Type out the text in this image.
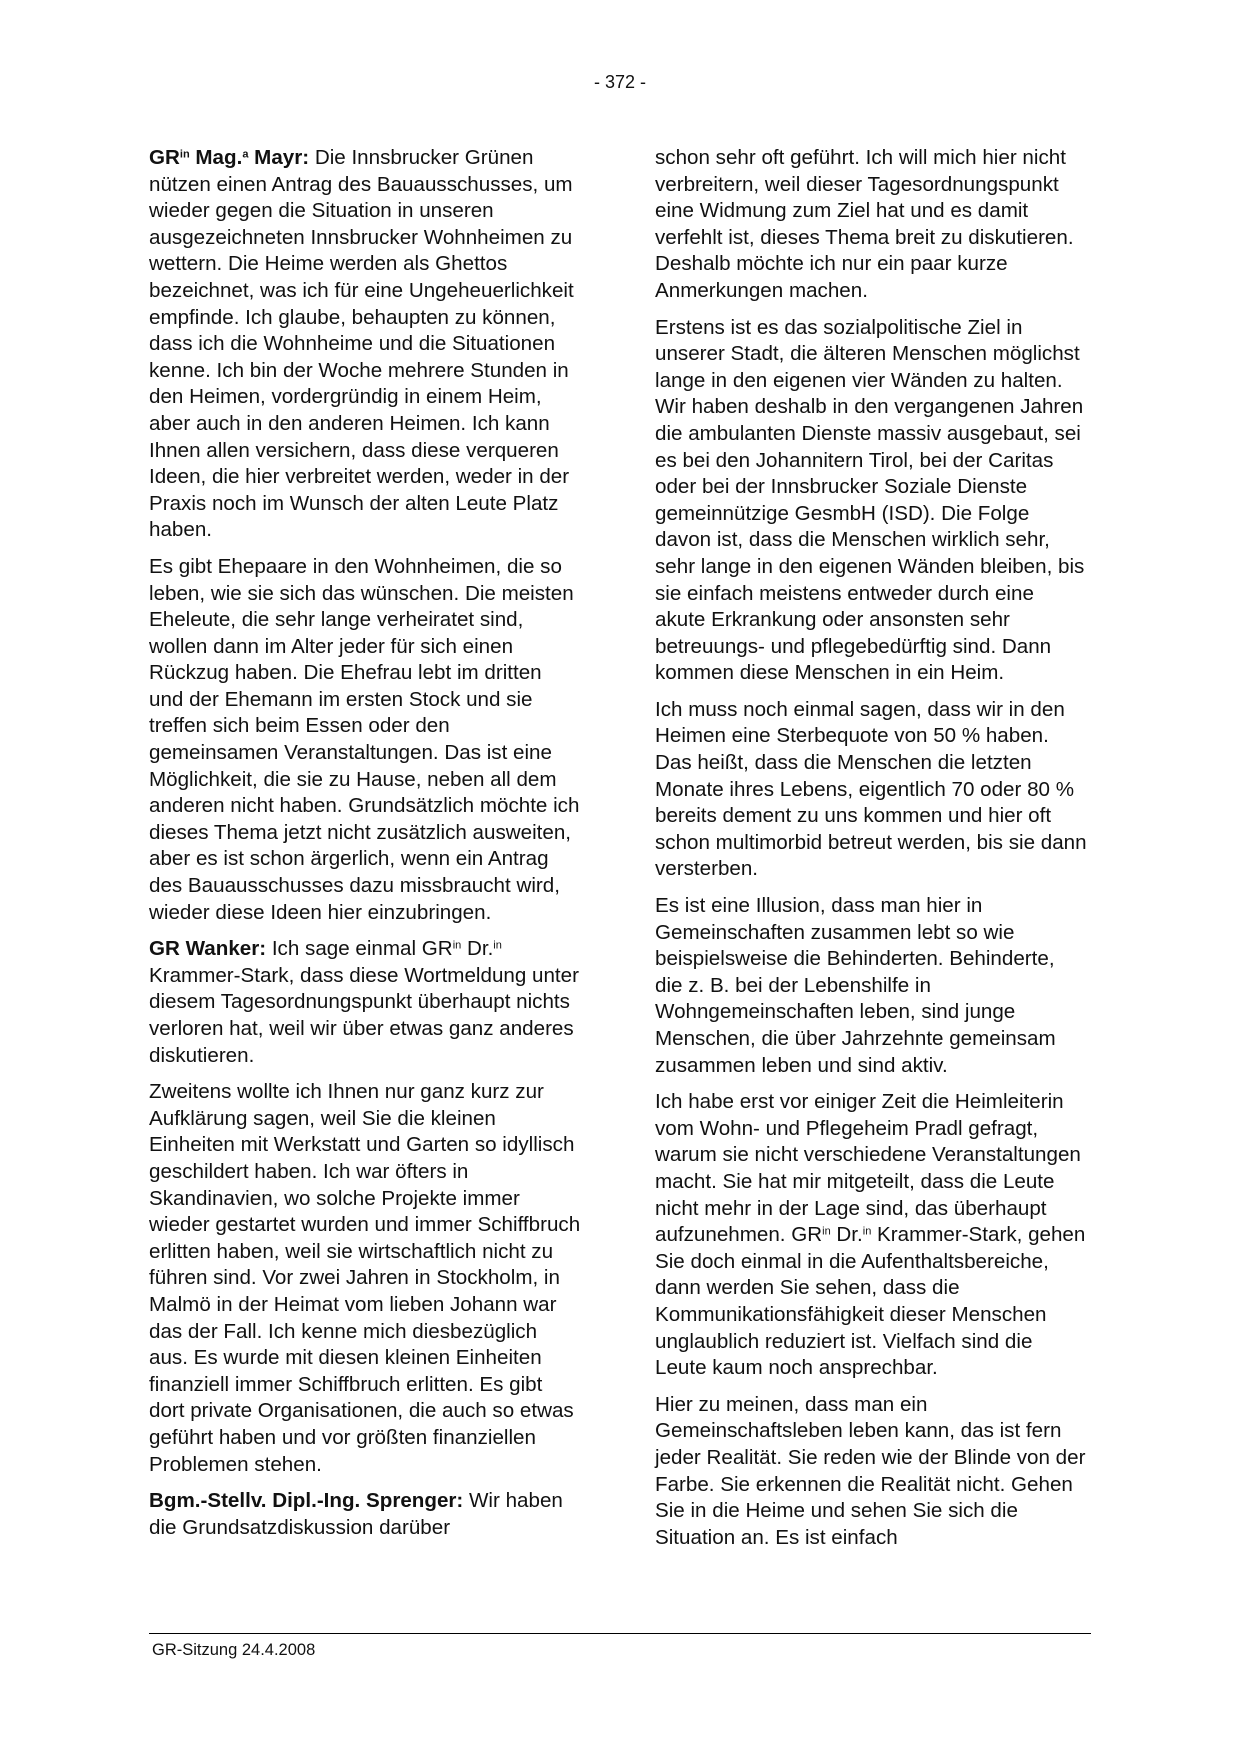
- 372 -

$GR^{in}$ Mag.$^a$ Mayr: Die Innsbrucker Grünen nützen einen Antrag des Bauausschusses, um wieder gegen die Situation in unseren ausgezeichneten Innsbrucker Wohnheimen zu wettern. Die Heime werden als Ghettos bezeichnet, was ich für eine Ungeheuerlichkeit empfinde. Ich glaube, behaupten zu können, dass ich die Wohnheime und die Situationen kenne. Ich bin der Woche mehrere Stunden in den Heimen, vordergründig in einem Heim, aber auch in den anderen Heimen. Ich kann Ihnen allen versichern, dass diese verqueren Ideen, die hier verbreitet werden, weder in der Praxis noch im Wunsch der alten Leute Platz haben.

Es gibt Ehepaare in den Wohnheimen, die so leben, wie sie sich das wünschen. Die meisten Eheleute, die sehr lange verheiratet sind, wollen dann im Alter jeder für sich einen Rückzug haben. Die Ehefrau lebt im dritten und der Ehemann im ersten Stock und sie treffen sich beim Essen oder den gemeinsamen Veranstaltungen. Das ist eine Möglichkeit, die sie zu Hause, neben all dem anderen nicht haben. Grundsätzlich möchte ich dieses Thema jetzt nicht zusätzlich ausweiten, aber es ist schon ärgerlich, wenn ein Antrag des Bauausschusses dazu missbraucht wird, wieder diese Ideen hier einzubringen.

GR Wanker: Ich sage einmal $GR^{in}$ Dr.$^{in}$ Krammer-Stark, dass diese Wortmeldung unter diesem Tagesordnungspunkt überhaupt nichts verloren hat, weil wir über etwas ganz anderes diskutieren.

Zweitens wollte ich Ihnen nur ganz kurz zur Aufklärung sagen, weil Sie die kleinen Einheiten mit Werkstatt und Garten so idyllisch geschildert haben. Ich war öfters in Skandinavien, wo solche Projekte immer wieder gestartet wurden und immer Schiffbruch erlitten haben, weil sie wirtschaftlich nicht zu führen sind. Vor zwei Jahren in Stockholm, in Malmö in der Heimat vom lieben Johann war das der Fall. Ich kenne mich diesbezüglich aus. Es wurde mit diesen kleinen Einheiten finanziell immer Schiffbruch erlitten. Es gibt dort private Organisationen, die auch so etwas geführt haben und vor größten finanziellen Problemen stehen.

Bgm.-Stellv. Dipl.-Ing. Sprenger: Wir haben die Grundsatzdiskussion darüber

schon sehr oft geführt. Ich will mich hier nicht verbreitern, weil dieser Tagesordnungspunkt eine Widmung zum Ziel hat und es damit verfehlt ist, dieses Thema breit zu diskutieren. Deshalb möchte ich nur ein paar kurze Anmerkungen machen.

Erstens ist es das sozialpolitische Ziel in unserer Stadt, die älteren Menschen möglichst lange in den eigenen vier Wänden zu halten. Wir haben deshalb in den vergangenen Jahren die ambulanten Dienste massiv ausgebaut, sei es bei den Johannitern Tirol, bei der Caritas oder bei der Innsbrucker Soziale Dienste gemeinnützige GesmbH (ISD). Die Folge davon ist, dass die Menschen wirklich sehr, sehr lange in den eigenen Wänden bleiben, bis sie einfach meistens entweder durch eine akute Erkrankung oder ansonsten sehr betreuungs- und pflegebedürftig sind. Dann kommen diese Menschen in ein Heim.

Ich muss noch einmal sagen, dass wir in den Heimen eine Sterbequote von 50 % haben. Das heißt, dass die Menschen die letzten Monate ihres Lebens, eigentlich 70 oder 80 % bereits dement zu uns kommen und hier oft schon multimorbid betreut werden, bis sie dann versterben.

Es ist eine Illusion, dass man hier in Gemeinschaften zusammen lebt so wie beispielsweise die Behinderten. Behinderte, die z. B. bei der Lebenshilfe in Wohngemeinschaften leben, sind junge Menschen, die über Jahrzehnte gemeinsam zusammen leben und sind aktiv.

Ich habe erst vor einiger Zeit die Heimleiterin vom Wohn- und Pflegeheim Pradl gefragt, warum sie nicht verschiedene Veranstaltungen macht. Sie hat mir mitgeteilt, dass die Leute nicht mehr in der Lage sind, das überhaupt aufzunehmen. $GR^{in}$ Dr.$^{in}$ Krammer-Stark, gehen Sie doch einmal in die Aufenthaltsbereiche, dann werden Sie sehen, dass die Kommunikationsfähigkeit dieser Menschen unglaublich reduziert ist. Vielfach sind die Leute kaum noch ansprechbar.

Hier zu meinen, dass man ein Gemeinschaftsleben leben kann, das ist fern jeder Realität. Sie reden wie der Blinde von der Farbe. Sie erkennen die Realität nicht. Gehen Sie in die Heime und sehen Sie sich die Situation an. Es ist einfach

GR-Sitzung 24.4.2008
